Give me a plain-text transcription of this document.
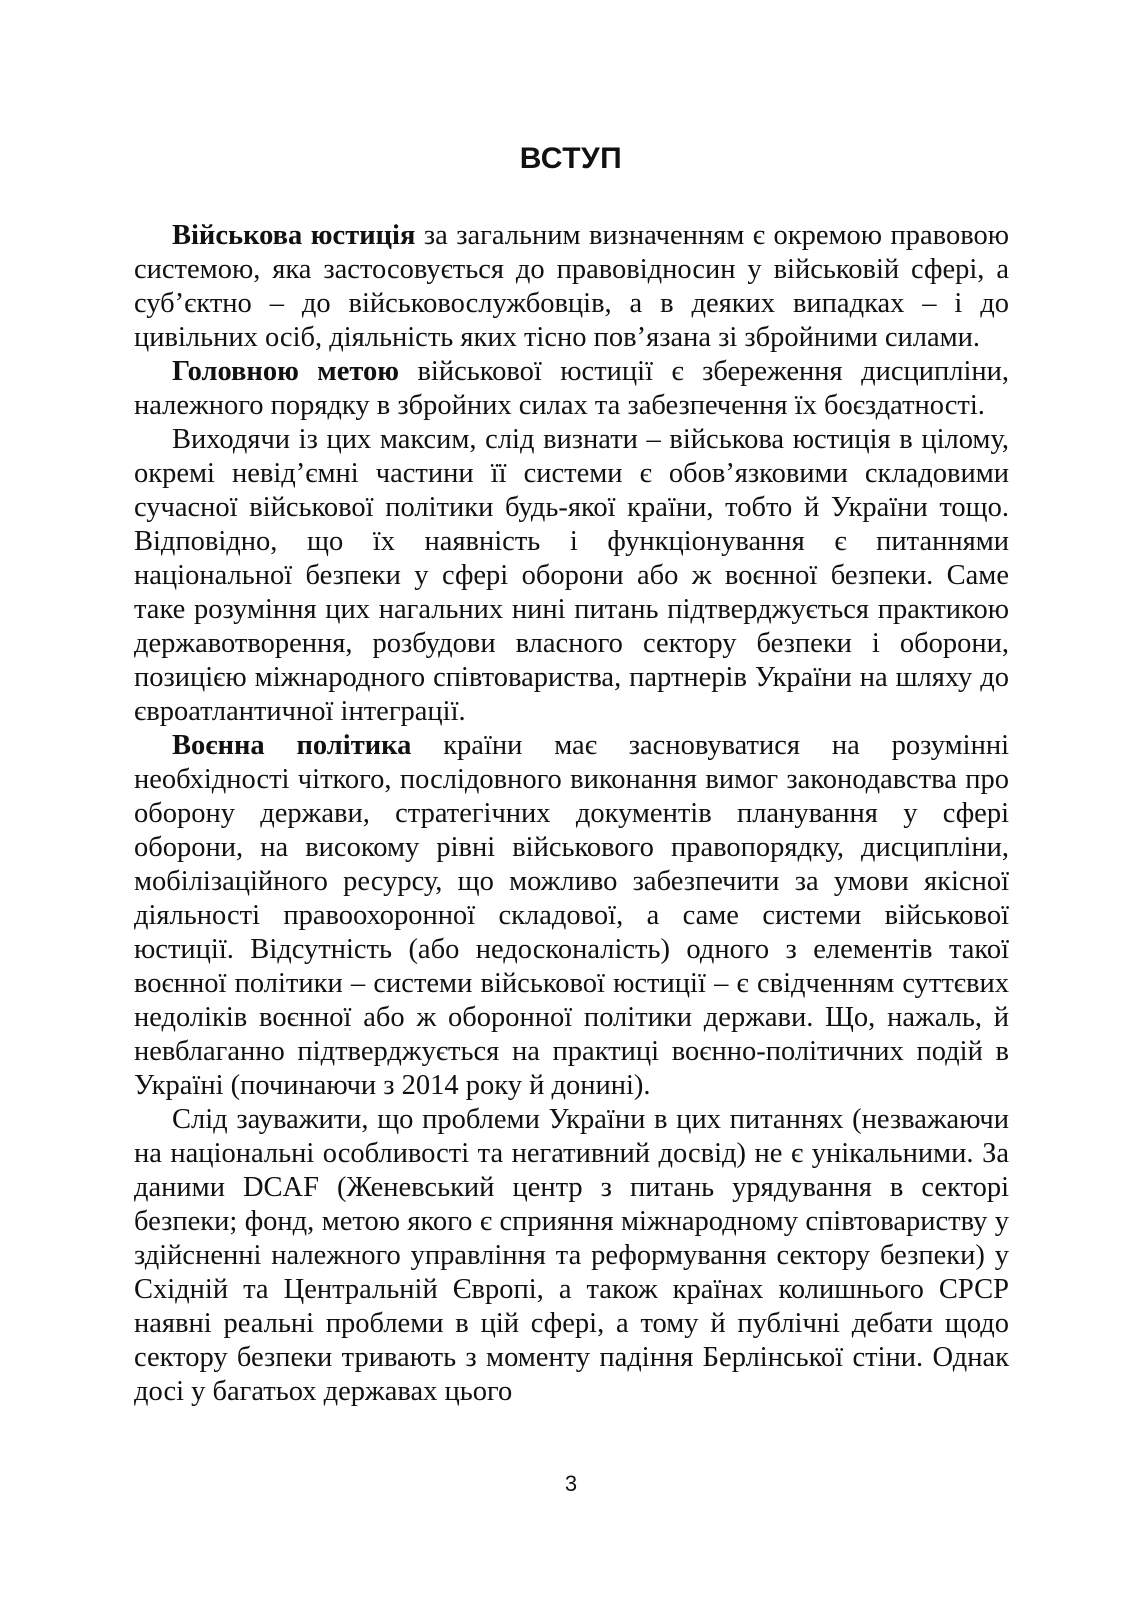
ВСТУП

Військова юстиція за загальним визначенням є окремою правовою системою, яка застосовується до правовідносин у військовій сфері, а суб’єктно – до військовослужбовців, а в деяких випадках – і до цивільних осіб, діяльність яких тісно пов’язана зі збройними силами.

Головною метою військової юстиції є збереження дисципліни, належного порядку в збройних силах та забезпечення їх боєздатності.

Виходячи із цих максим, слід визнати – військова юстиція в цілому, окремі невід’ємні частини її системи є обов’язковими складовими сучасної військової політики будь-якої країни, тобто й України тощо. Відповідно, що їх наявність і функціонування є питаннями національної безпеки у сфері оборони або ж воєнної безпеки. Саме таке розуміння цих нагальних нині питань підтверджується практикою державотворення, розбудови власного сектору безпеки і оборони, позицією міжнародного співтовариства, партнерів України на шляху до євроатлантичної інтеграції.

Воєнна політика країни має засновуватися на розумінні необхідності чіткого, послідовного виконання вимог законодавства про оборону держави, стратегічних документів планування у сфері оборони, на високому рівні військового правопорядку, дисципліни, мобілізаційного ресурсу, що можливо забезпечити за умови якісної діяльності правоохоронної складової, а саме системи військової юстиції. Відсутність (або недосконалість) одного з елементів такої воєнної політики – системи військової юстиції – є свідченням суттєвих недоліків воєнної або ж оборонної політики держави. Що, нажаль, й невблаганно підтверджується на практиці воєнно-політичних подій в Україні (починаючи з 2014 року й донині).

Слід зауважити, що проблеми України в цих питаннях (незважаючи на національні особливості та негативний досвід) не є унікальними. За даними DCAF (Женевський центр з питань урядування в секторі безпеки; фонд, метою якого є сприяння міжнародному співтовариству у здійсненні належного управління та реформування сектору безпеки) у Східній та Центральній Європі, а також країнах колишнього СРСР наявні реальні проблеми в цій сфері, а тому й публічні дебати щодо сектору безпеки тривають з моменту падіння Берлінської стіни. Однак досі у багатьох державах цього

3
